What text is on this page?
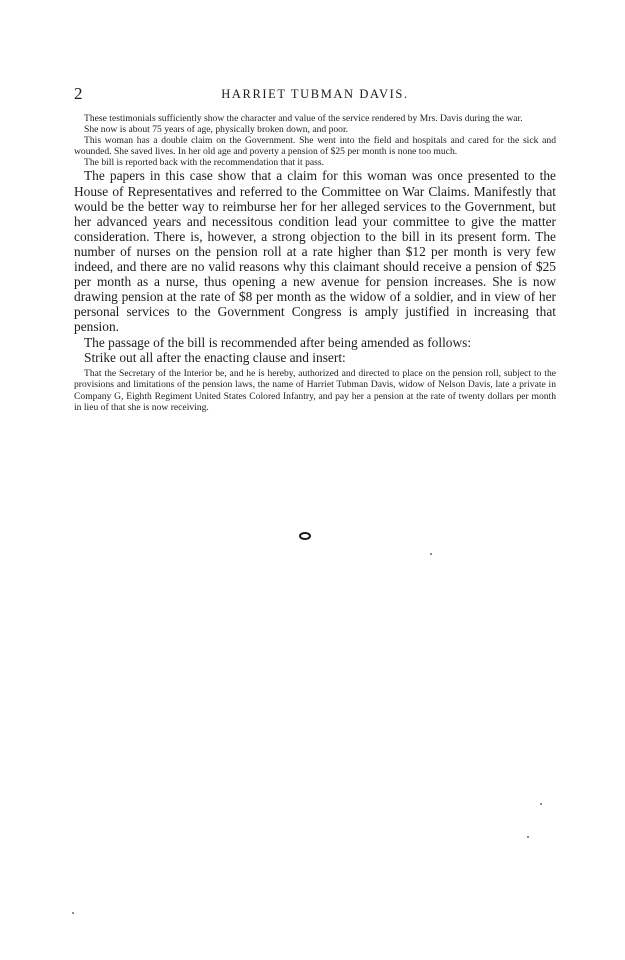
2	HARRIET TUBMAN DAVIS.

These testimonials sufficiently show the character and value of the service rendered by Mrs. Davis during the war.

She now is about 75 years of age, physically broken down, and poor.

This woman has a double claim on the Government. She went into the field and hospitals and cared for the sick and wounded. She saved lives. In her old age and poverty a pension of $25 per month is none too much.

The bill is reported back with the recommendation that it pass.

The papers in this case show that a claim for this woman was once presented to the House of Representatives and referred to the Committee on War Claims. Manifestly that would be the better way to reimburse her for her alleged services to the Government, but her advanced years and necessitous condition lead your committee to give the matter consideration. There is, however, a strong objection to the bill in its present form. The number of nurses on the pension roll at a rate higher than $12 per month is very few indeed, and there are no valid reasons why this claimant should receive a pension of $25 per month as a nurse, thus opening a new avenue for pension increases. She is now drawing pension at the rate of $8 per month as the widow of a soldier, and in view of her personal services to the Government Congress is amply justified in increasing that pension.

The passage of the bill is recommended after being amended as follows:

Strike out all after the enacting clause and insert:

That the Secretary of the Interior be, and he is hereby, authorized and directed to place on the pension roll, subject to the provisions and limitations of the pension laws, the name of Harriet Tubman Davis, widow of Nelson Davis, late a private in Company G, Eighth Regiment United States Colored Infantry, and pay her a pension at the rate of twenty dollars per month in lieu of that she is now receiving.
